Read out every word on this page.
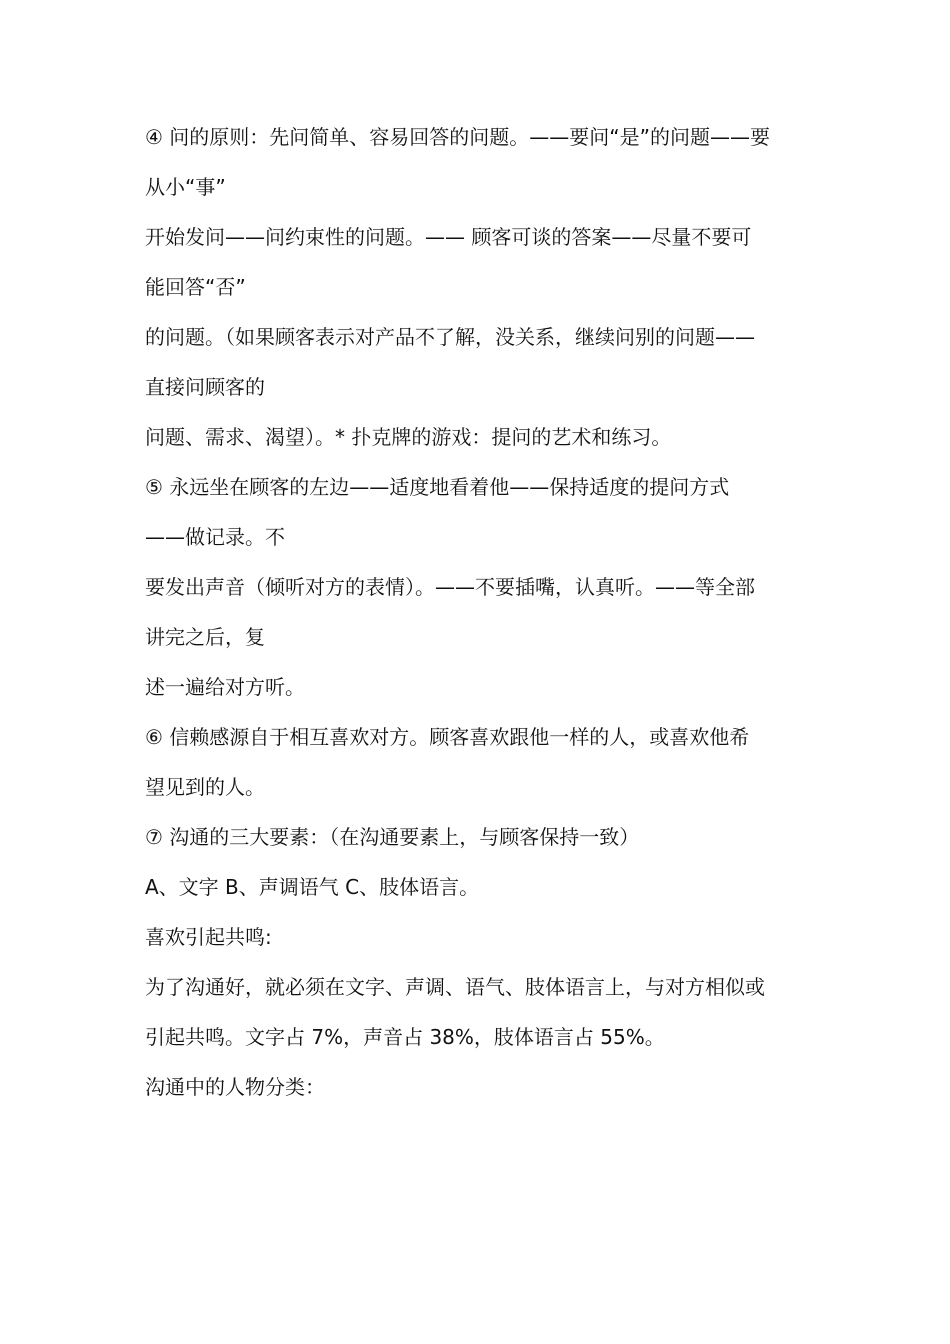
④ 问的原则：先问简单、容易回答的问题。——要问“是”的问题——要
从小“事”
开始发问——问约束性的问题。—— 顾客可谈的答案——尽量不要可
能回答“否”
的问题。（如果顾客表示对产品不了解，没关系，继续问别的问题——
直接问顾客的
问题、需求、渴望）。* 扑克牌的游戏：提问的艺术和练习。
⑤ 永远坐在顾客的左边——适度地看着他——保持适度的提问方式
——做记录。不
要发出声音（倾听对方的表情）。——不要插嘴，认真听。——等全部
讲完之后，复
述一遍给对方听。
⑥ 信赖感源自于相互喜欢对方。顾客喜欢跟他一样的人，或喜欢他希
望见到的人。
⑦ 沟通的三大要素：（在沟通要素上，与顾客保持一致）
A、文字 B、声调语气 C、肢体语言。
喜欢引起共鸣:
为了沟通好，就必须在文字、声调、语气、肢体语言上，与对方相似或
引起共鸣。文字占 7%，声音占 38%，肢体语言占 55%。
沟通中的人物分类：
